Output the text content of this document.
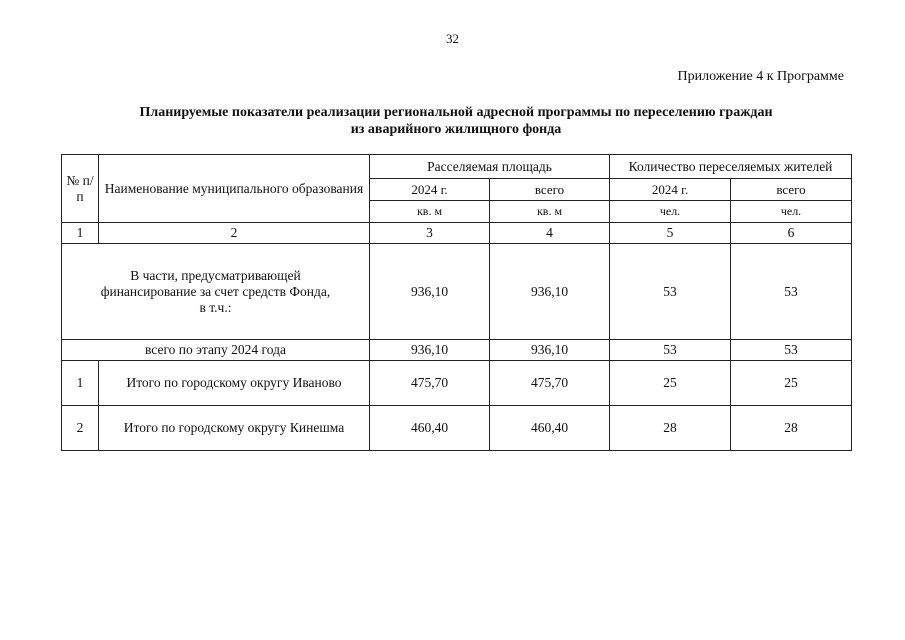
32
Приложение 4 к Программе
Планируемые показатели реализации региональной адресной программы по переселению граждан
из аварийного жилищного фонда
№ п/п	Наименование муниципального образования	Расселяемая площадь		Количество переселяемых жителей	
		2024 г.	всего	2024 г.	всего
		кв. м	кв. м	чел.	чел.
1	2	3	4	5	6

В части, предусматривающей
финансирование за счет средств Фонда,
в т.ч.:		936,10	936,10	53	53
всего по этапу 2024 года		936,10	936,10	53	53
1	Итого по городскому округу Иваново	475,70	475,70	25	25
2	Итого по городскому округу Кинешма	460,40	460,40	28	28
